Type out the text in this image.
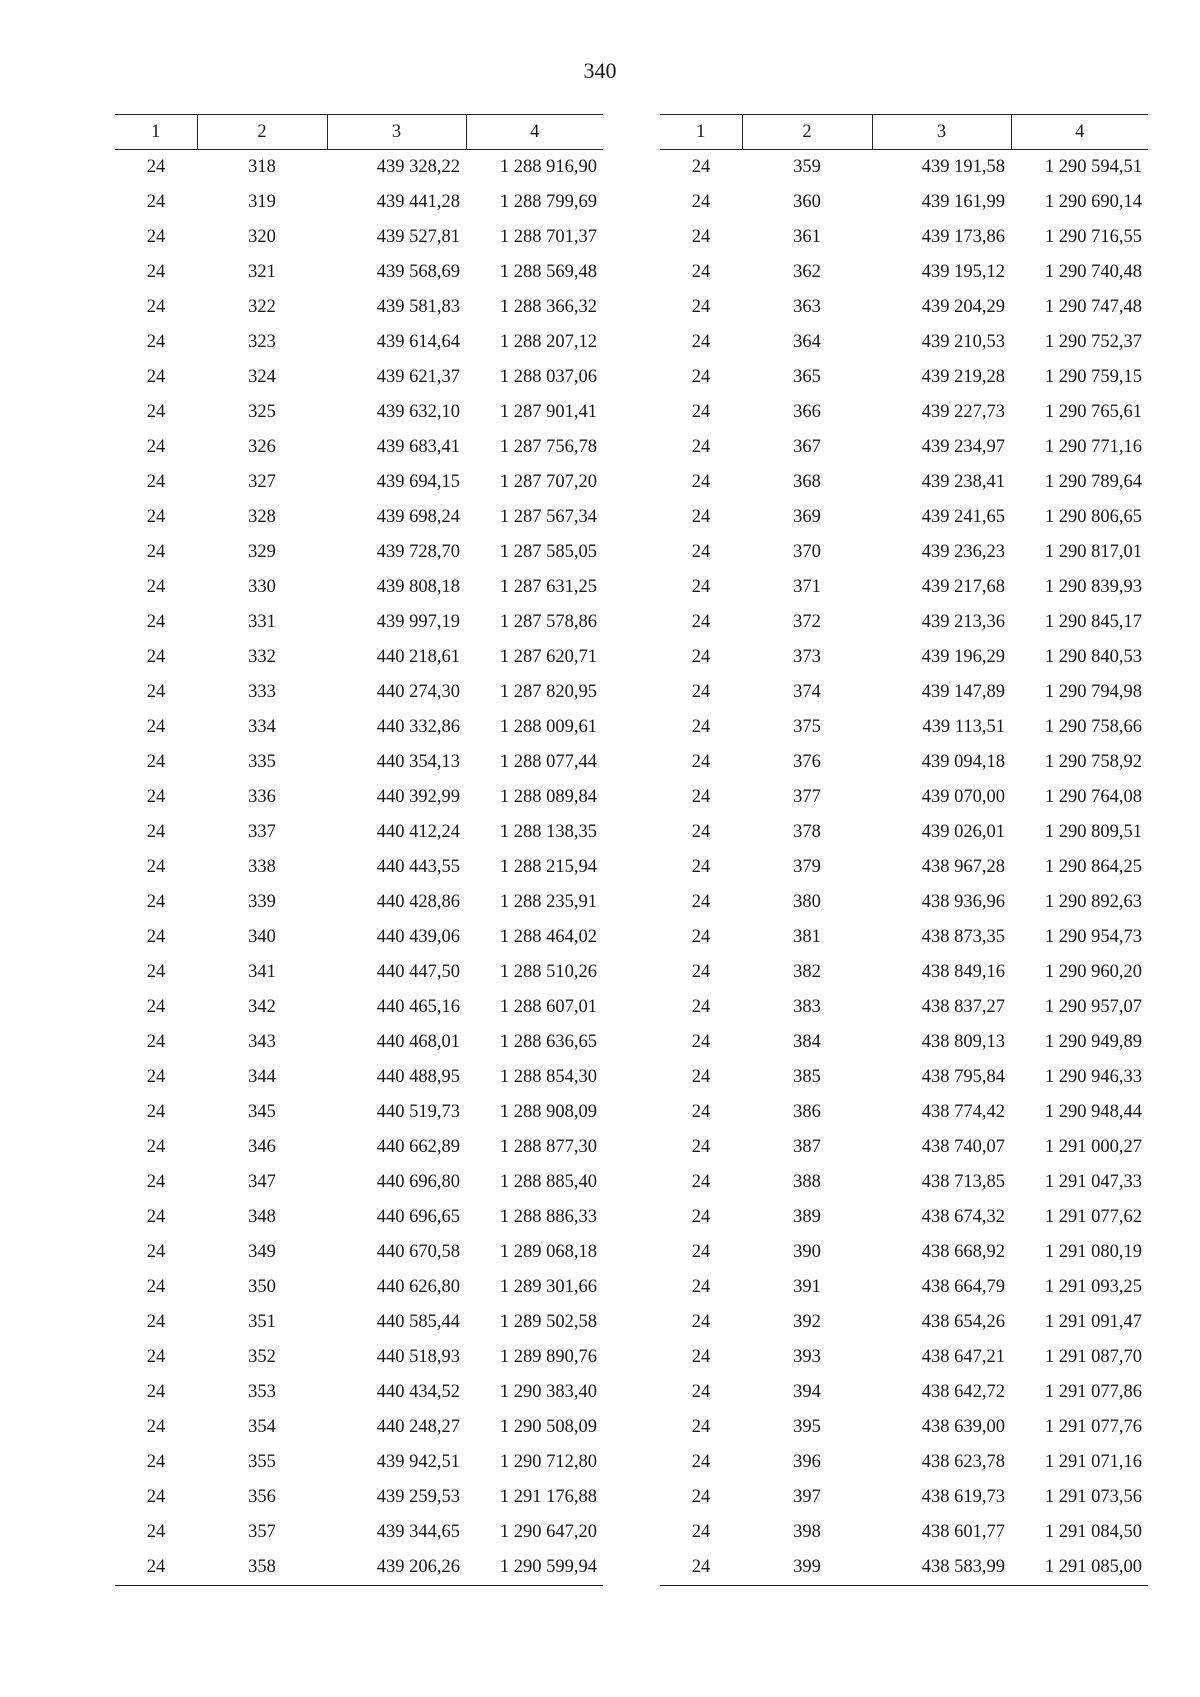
340
1	2	3	4
24	318	439 328,22	1 288 916,90
24	319	439 441,28	1 288 799,69
24	320	439 527,81	1 288 701,37
24	321	439 568,69	1 288 569,48
24	322	439 581,83	1 288 366,32
24	323	439 614,64	1 288 207,12
24	324	439 621,37	1 288 037,06
24	325	439 632,10	1 287 901,41
24	326	439 683,41	1 287 756,78
24	327	439 694,15	1 287 707,20
24	328	439 698,24	1 287 567,34
24	329	439 728,70	1 287 585,05
24	330	439 808,18	1 287 631,25
24	331	439 997,19	1 287 578,86
24	332	440 218,61	1 287 620,71
24	333	440 274,30	1 287 820,95
24	334	440 332,86	1 288 009,61
24	335	440 354,13	1 288 077,44
24	336	440 392,99	1 288 089,84
24	337	440 412,24	1 288 138,35
24	338	440 443,55	1 288 215,94
24	339	440 428,86	1 288 235,91
24	340	440 439,06	1 288 464,02
24	341	440 447,50	1 288 510,26
24	342	440 465,16	1 288 607,01
24	343	440 468,01	1 288 636,65
24	344	440 488,95	1 288 854,30
24	345	440 519,73	1 288 908,09
24	346	440 662,89	1 288 877,30
24	347	440 696,80	1 288 885,40
24	348	440 696,65	1 288 886,33
24	349	440 670,58	1 289 068,18
24	350	440 626,80	1 289 301,66
24	351	440 585,44	1 289 502,58
24	352	440 518,93	1 289 890,76
24	353	440 434,52	1 290 383,40
24	354	440 248,27	1 290 508,09
24	355	439 942,51	1 290 712,80
24	356	439 259,53	1 291 176,88
24	357	439 344,65	1 290 647,20
24	358	439 206,26	1 290 599,94
1	2	3	4
24	359	439 191,58	1 290 594,51
24	360	439 161,99	1 290 690,14
24	361	439 173,86	1 290 716,55
24	362	439 195,12	1 290 740,48
24	363	439 204,29	1 290 747,48
24	364	439 210,53	1 290 752,37
24	365	439 219,28	1 290 759,15
24	366	439 227,73	1 290 765,61
24	367	439 234,97	1 290 771,16
24	368	439 238,41	1 290 789,64
24	369	439 241,65	1 290 806,65
24	370	439 236,23	1 290 817,01
24	371	439 217,68	1 290 839,93
24	372	439 213,36	1 290 845,17
24	373	439 196,29	1 290 840,53
24	374	439 147,89	1 290 794,98
24	375	439 113,51	1 290 758,66
24	376	439 094,18	1 290 758,92
24	377	439 070,00	1 290 764,08
24	378	439 026,01	1 290 809,51
24	379	438 967,28	1 290 864,25
24	380	438 936,96	1 290 892,63
24	381	438 873,35	1 290 954,73
24	382	438 849,16	1 290 960,20
24	383	438 837,27	1 290 957,07
24	384	438 809,13	1 290 949,89
24	385	438 795,84	1 290 946,33
24	386	438 774,42	1 290 948,44
24	387	438 740,07	1 291 000,27
24	388	438 713,85	1 291 047,33
24	389	438 674,32	1 291 077,62
24	390	438 668,92	1 291 080,19
24	391	438 664,79	1 291 093,25
24	392	438 654,26	1 291 091,47
24	393	438 647,21	1 291 087,70
24	394	438 642,72	1 291 077,86
24	395	438 639,00	1 291 077,76
24	396	438 623,78	1 291 071,16
24	397	438 619,73	1 291 073,56
24	398	438 601,77	1 291 084,50
24	399	438 583,99	1 291 085,00
